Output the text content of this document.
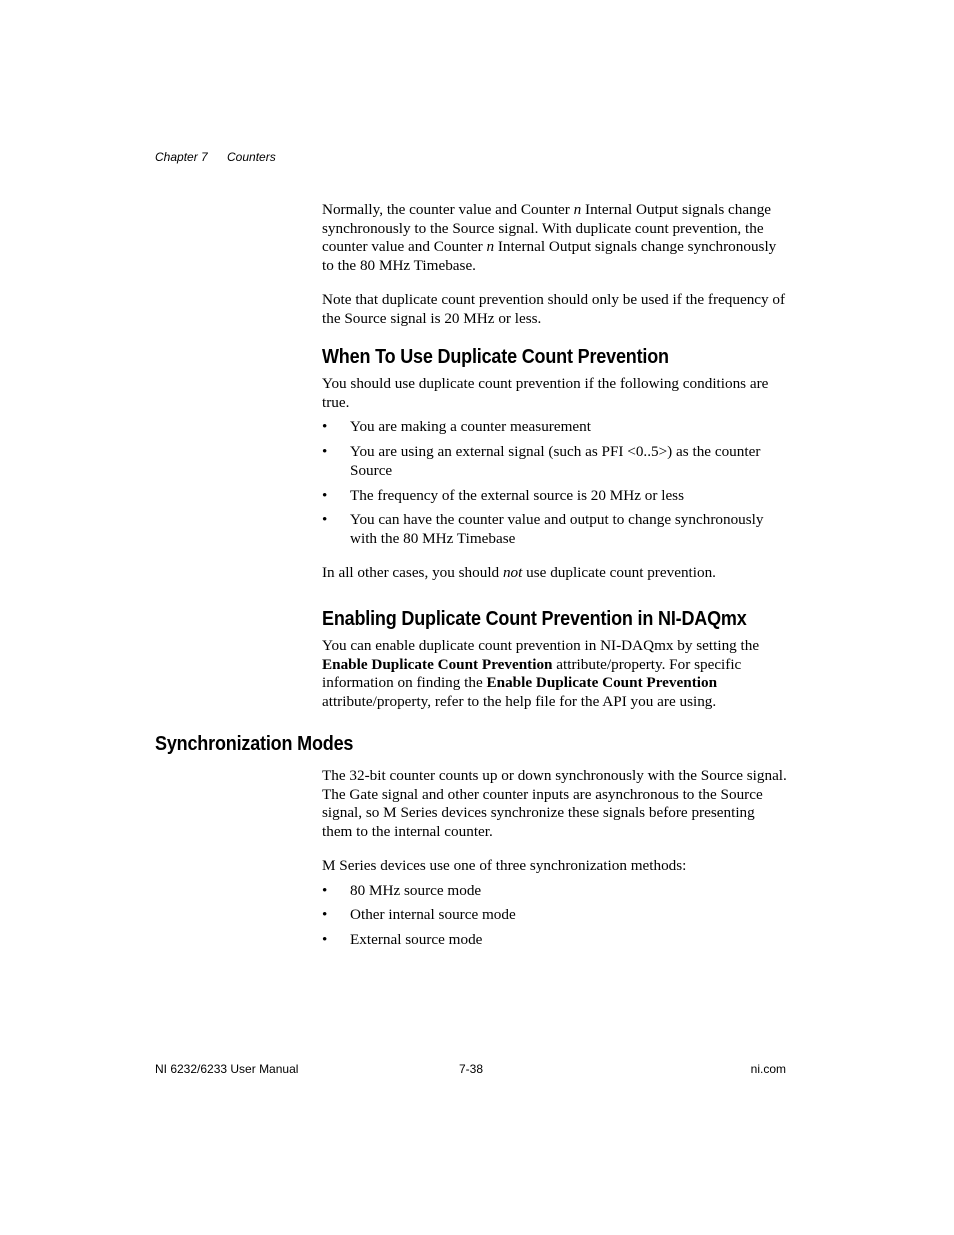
Chapter 7 Counters

Normally, the counter value and Counter n Internal Output signals change synchronously to the Source signal. With duplicate count prevention, the counter value and Counter n Internal Output signals change synchronously to the 80 MHz Timebase.

Note that duplicate count prevention should only be used if the frequency of the Source signal is 20 MHz or less.

When To Use Duplicate Count Prevention

You should use duplicate count prevention if the following conditions are true.

• You are making a counter measurement
• You are using an external signal (such as PFI <0..5>) as the counter Source
• The frequency of the external source is 20 MHz or less
• You can have the counter value and output to change synchronously with the 80 MHz Timebase

In all other cases, you should not use duplicate count prevention.

Enabling Duplicate Count Prevention in NI-DAQmx

You can enable duplicate count prevention in NI-DAQmx by setting the Enable Duplicate Count Prevention attribute/property. For specific information on finding the Enable Duplicate Count Prevention attribute/property, refer to the help file for the API you are using.

Synchronization Modes

The 32-bit counter counts up or down synchronously with the Source signal. The Gate signal and other counter inputs are asynchronous to the Source signal, so M Series devices synchronize these signals before presenting them to the internal counter.

M Series devices use one of three synchronization methods:

• 80 MHz source mode
• Other internal source mode
• External source mode
NI 6232/6233 User Manual	7-38	ni.com
